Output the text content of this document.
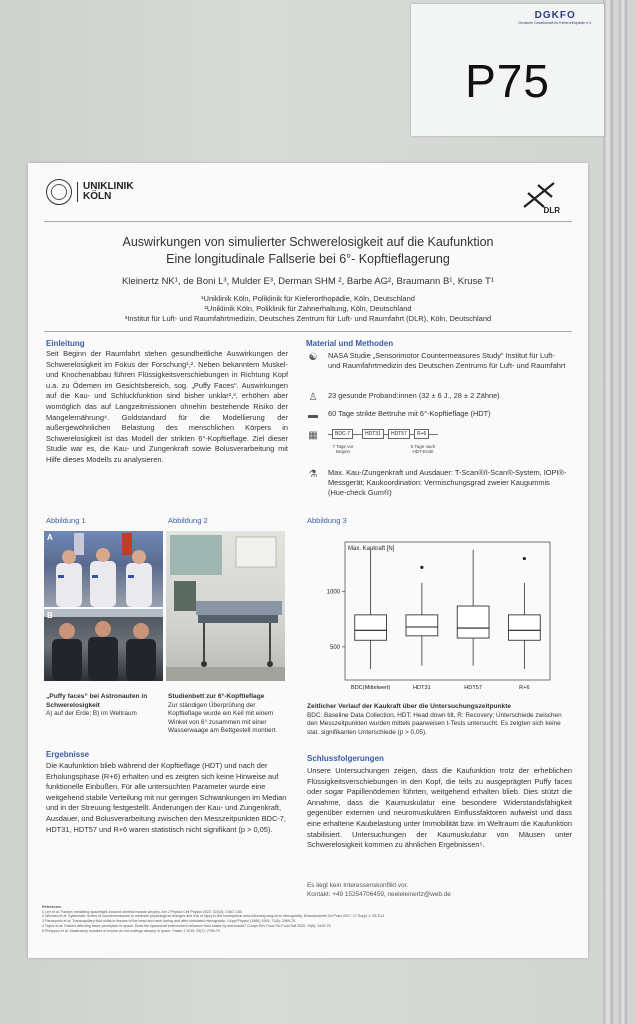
DGKFO
Deutsche Gesellschaft für Kieferorthopädie e.V.
P75
UNIKLINIK KÖLN
DLR
Auswirkungen von simulierter Schwerelosigkeit auf die Kaufunktion
Eine longitudinale Fallserie bei 6°- Kopftieflagerung
Kleinertz NK¹, de Boni L³, Mulder E³, Derman SHM ², Barbe AG², Braumann B¹, Kruse T¹
¹Uniklinik Köln, Poliklinik für Kieferorthopädie, Köln, Deutschland
²Uniklinik Köln, Poliklinik für Zahnerhaltung, Köln, Deutschland
³Institut für Luft- und Raumfahrtmedizin, Deutsches Zentrum für Luft- und Raumfahrt (DLR), Köln, Deutschland
Einleitung
Seit Beginn der Raumfahrt stehen gesundheitliche Auswirkungen der Schwerelosigkeit im Fokus der Forschung¹,². Neben bekanntem Muskel- und Knochenabbau führen Flüssigkeitsverschiebungen in Richtung Kopf u.a. zu Ödemen im Gesichtsbereich, sog. „Puffy Faces“. Auswirkungen auf die Kau- und Schluckfunktion sind bisher unklar²,³, erhöhen aber womöglich das auf Langzeitmissionen ohnehin bestehende Risiko der Mangelernährung⁴. Goldstandard für die Modellierung der außergewöhnlichen Belastung des menschlichen Körpers in Schwerelosigkeit ist das Modell der strikten 6°-Kopftieflage. Ziel dieser Studie war es, die Kau- und Zungenkraft sowie Bolusverarbeitung mit Hilfe dieses Modells zu analysieren.
Material und Methoden
☯	NASA Studie „Sensorimotor Countermeasures Study“ Institut für Luft- und Raumfahrtmedizin des Deutschen Zentrums für Luft- und Raumfahrt
♙	23 gesunde Proband:innen (32 ± 6 J., 28 ± 2 Zähne)
▬ 60 Tage strikte Bettruhe mit 6°-Kopftieflage (HDT)
▦	BDC-7	HDT31	HDT57	R+6
7 Tage vor Beginn
6 Tage nach HDT-Ende
⚗	Max. Kau-/Zungenkraft und Ausdauer: T-Scan®/I-Scan®-System, IOPI®-Messgerät; Kaukoordination: Vermischungsgrad zweier Kaugummis (Hue-check Gum®)
Abbildung 1	Abbildung 2	Abbildung 3
A
B
„Puffy faces“ bei Astronauten in Schwerelosigkeit
A) auf der Erde; B) im Weltraum
Studienbett zur 6°-Kopftieflage
Zur ständigen Überprüfung der Kopftieflage wurde ein Keil mit einem Winkel von 6° zusammen mit einer Wasserwaage am Bettgestell montiert.
Max. Kaukraft [N]
500
1000
BDC(Mittelwert)	HDT31	HDT57	R+6
Zeitlicher Verlauf der Kaukraft über die Untersuchungszeitpunkte
BDC: Baseline Data Collection, HDT: Head down tilt, R: Recovery; Unterschiede zwischen den Messzeitpunkten wurden mittels paarweisen t-Tests untersucht. Es zeigten sich keine stat. signifikanten Unterschiede (p > 0,05).
Ergebnisse
Die Kaufunktion blieb während der Kopftieflage (HDT) und nach der Erholungsphase (R+6) erhalten und es zeigten sich keine Hinweise auf funktionelle Einbußen. Für alle untersuchten Parameter wurde eine weitgehend stabile Verteilung mit nur geringen Schwankungen im Median und in der Streuung festgestellt. Änderungen der Kau- und Zungenkraft, Ausdauer, und Bolusverarbeitung zwischen den Messzeitpunkten BDC-7, HDT31, HDT57 und R+6 waren statistisch nicht signifikant (p > 0,05).
Schlussfolgerungen
Unsere Untersuchungen zeigen, dass die Kaufunktion trotz der erheblichen Flüssigkeitsverschiebungen in den Kopf, die teils zu ausgeprägten Puffy faces oder sogar Papillenödemen führten, weitgehend erhalten blieb. Dies stützt die Annahme, dass die Kaumuskulatur eine besondere Widerstandsfähigkeit gegenüber externen und neuromuskulären Einflussfaktoren aufweist und dass eine erhaltene Kaubelastung unter Immobilität bzw. im Weltraum die Kaufunktion stabilisiert. Untersuchungen der Kaumuskulatur von Mäusen unter Schwerelosigkeit kommen zu ähnlichen Ergebnissen⁵.
Es liegt kein Interessenskonflikt vor.
Kontakt: +49 15254706459, neeleleinertz@web.de
Referenzen
1 Lee et al. Factors mediating spaceflight-induced skeletal muscle atrophy. Am J Physiol Cell Physiol 2022; 322(3): C567-C80.
2 Winnard et al. Systematic review of countermeasures to minimise physiological changes and risk of injury to the lumbopelvic area following long-term microgravity. Musculoskelet Sci Pract 2017; 27 Suppl 1: S5-S14.
3 Parazynski et al. Transcapillary fluid shifts in tissues of the head and neck during and after simulated microgravity. J Appl Physiol (1985) 1991; 71(6): 2469-75.
4 Taylor et al. Factors affecting flavor perception in space: Does the spacecraft environment influence food intake by astronauts? Compr Rev Food Sci Food Saf 2020; 19(6): 3439-75.
5 Philippou et al. Masticatory muscles of mouse do not undergo atrophy in space. Faseb J 2015; 29(7): 2769-79.
